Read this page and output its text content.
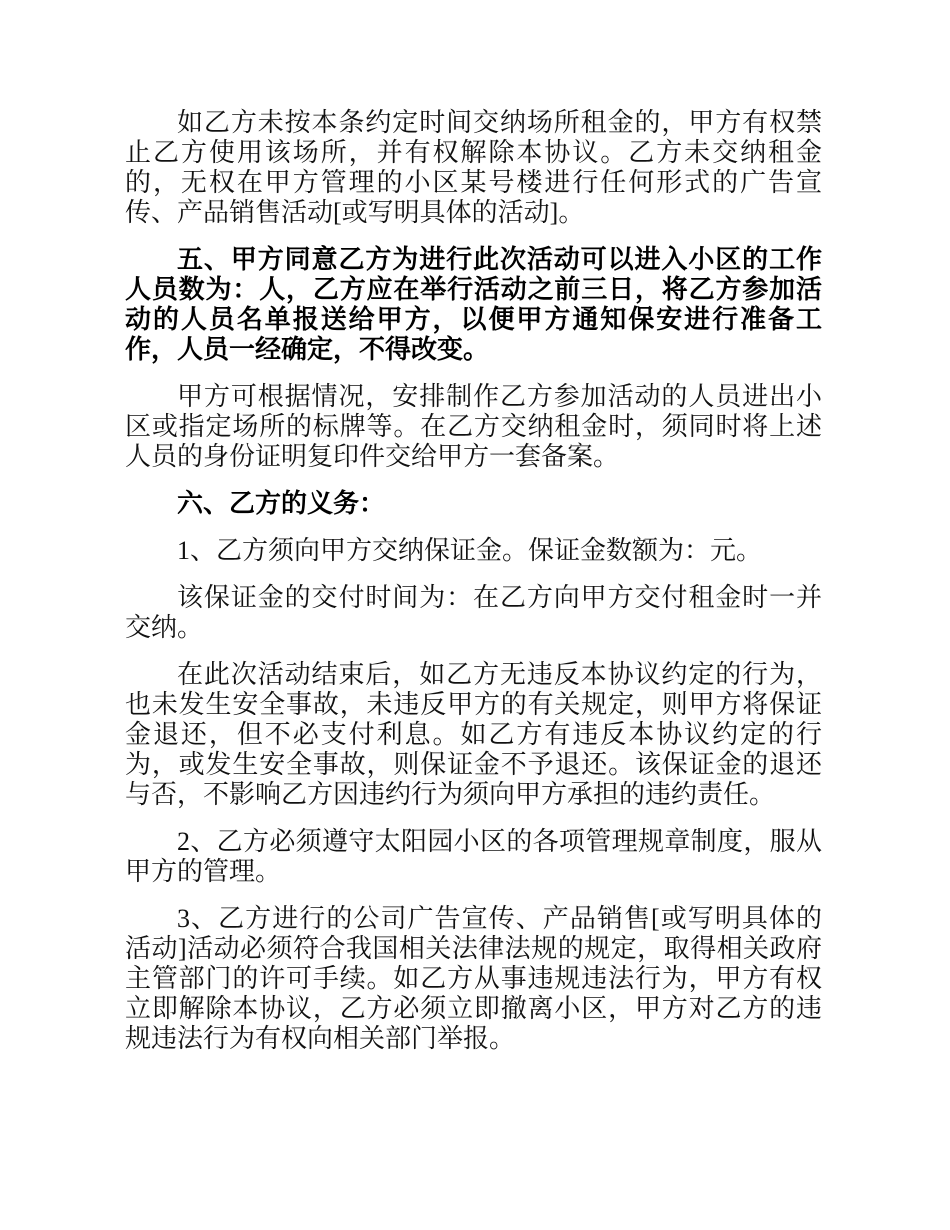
如乙方未按本条约定时间交纳场所租金的，甲方有权禁止乙方使用该场所，并有权解除本协议。乙方未交纳租金的，无权在甲方管理的小区某号楼进行任何形式的广告宣传、产品销售活动[或写明具体的活动]。

五、甲方同意乙方为进行此次活动可以进入小区的工作人员数为：人，乙方应在举行活动之前三日，将乙方参加活动的人员名单报送给甲方，以便甲方通知保安进行准备工作，人员一经确定，不得改变。

甲方可根据情况，安排制作乙方参加活动的人员进出小区或指定场所的标牌等。在乙方交纳租金时，须同时将上述人员的身份证明复印件交给甲方一套备案。

六、乙方的义务：

1、乙方须向甲方交纳保证金。保证金数额为：元。

该保证金的交付时间为：在乙方向甲方交付租金时一并交纳。

在此次活动结束后，如乙方无违反本协议约定的行为，也未发生安全事故，未违反甲方的有关规定，则甲方将保证金退还，但不必支付利息。如乙方有违反本协议约定的行为，或发生安全事故，则保证金不予退还。该保证金的退还与否，不影响乙方因违约行为须向甲方承担的违约责任。

2、乙方必须遵守太阳园小区的各项管理规章制度，服从甲方的管理。

3、乙方进行的公司广告宣传、产品销售[或写明具体的活动]活动必须符合我国相关法律法规的规定，取得相关政府主管部门的许可手续。如乙方从事违规违法行为，甲方有权立即解除本协议，乙方必须立即撤离小区，甲方对乙方的违规违法行为有权向相关部门举报。
